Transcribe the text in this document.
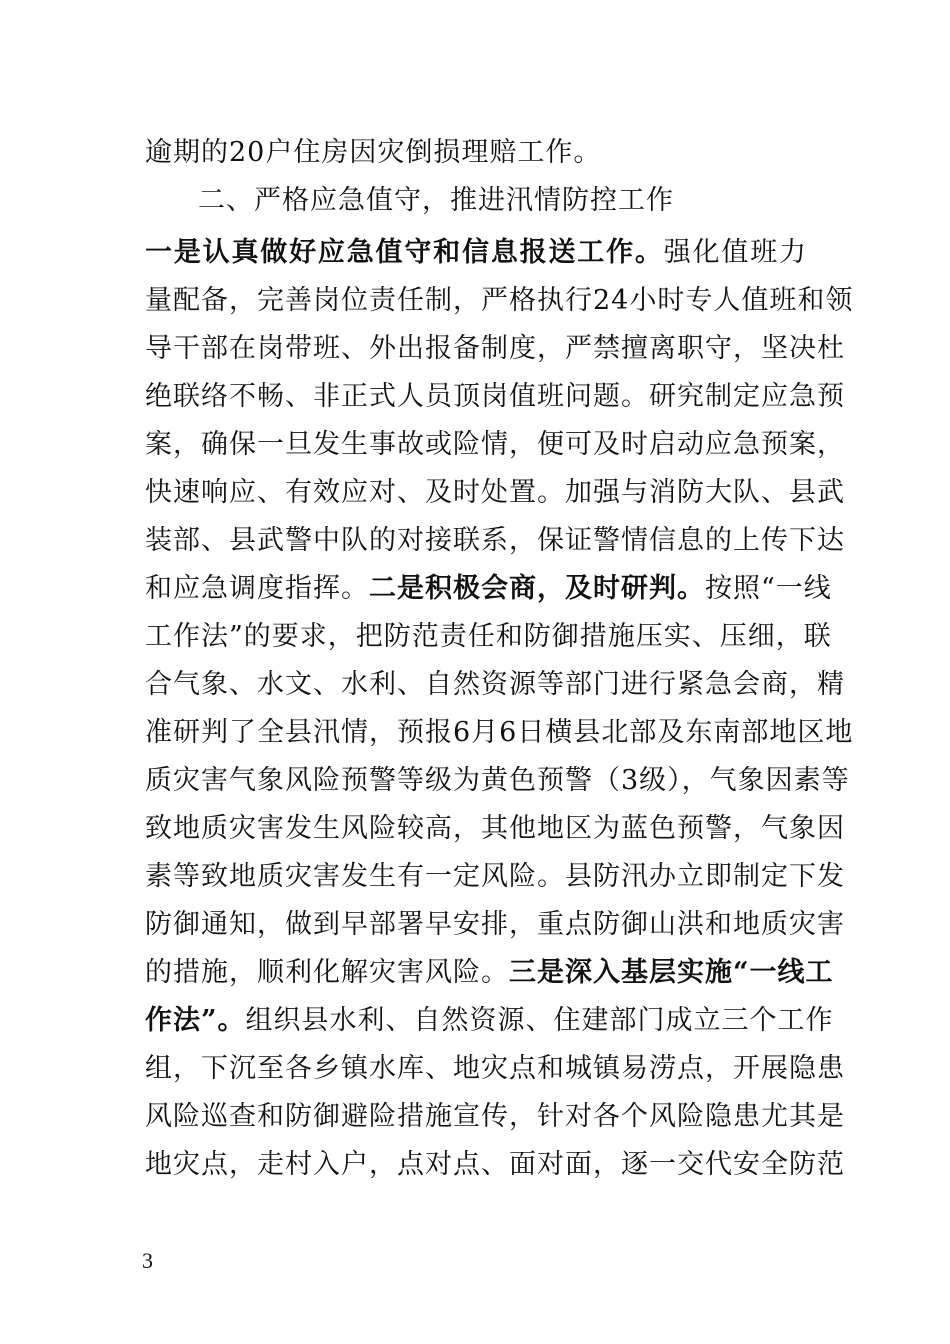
二、严格应急值守，推进汛情防控工作
逾期的20户住房因灾倒损理赔工作。
一是认真做好应急值守和信息报送工作。强化值班力
量配备，完善岗位责任制，严格执行24小时专人值班和领
导干部在岗带班、外出报备制度，严禁擅离职守，坚决杜
绝联络不畅、非正式人员顶岗值班问题。研究制定应急预
案，确保一旦发生事故或险情，便可及时启动应急预案，
快速响应、有效应对、及时处置。加强与消防大队、县武
装部、县武警中队的对接联系，保证警情信息的上传下达
和应急调度指挥。二是积极会商，及时研判。按照“一线
工作法”的要求，把防范责任和防御措施压实、压细，联
合气象、水文、水利、自然资源等部门进行紧急会商，精
准研判了全县汛情，预报6月6日横县北部及东南部地区地
质灾害气象风险预警等级为黄色预警（3级），气象因素等
致地质灾害发生风险较高，其他地区为蓝色预警，气象因
素等致地质灾害发生有一定风险。县防汛办立即制定下发
防御通知，做到早部署早安排，重点防御山洪和地质灾害
的措施，顺利化解灾害风险。三是深入基层实施“一线工
作法”。组织县水利、自然资源、住建部门成立三个工作
组，下沉至各乡镇水库、地灾点和城镇易涝点，开展隐患
风险巡查和防御避险措施宣传，针对各个风险隐患尤其是
地灾点，走村入户，点对点、面对面，逐一交代安全防范
3
